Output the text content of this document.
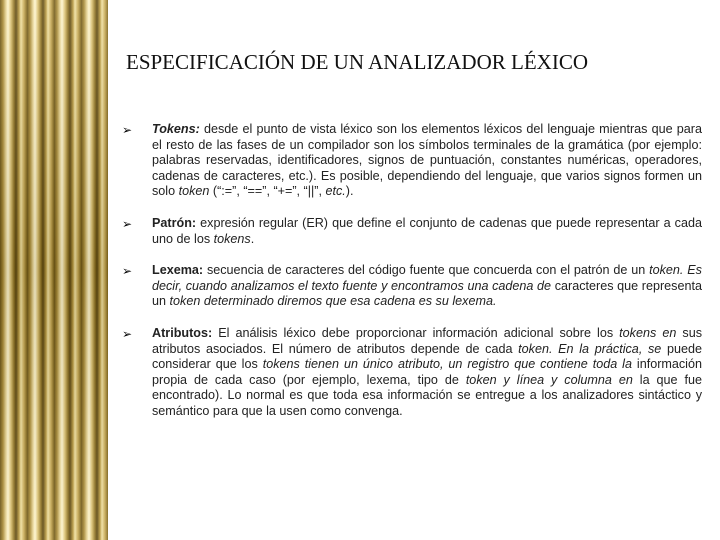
ESPECIFICACIÓN DE UN ANALIZADOR LÉXICO
➢ Tokens: desde el punto de vista léxico son los elementos léxicos del lenguaje mientras que para el resto de las fases de un compilador son los símbolos terminales de la gramática (por ejemplo: palabras reservadas, identificadores, signos de puntuación, constantes numéricas, operadores, cadenas de caracteres, etc.). Es posible, dependiendo del lenguaje, que varios signos formen un solo token (“:=”, “==”, “+=”, “||”, etc.).

➢ Patrón: expresión regular (ER) que define el conjunto de cadenas que puede representar a cada uno de los tokens.

➢ Lexema: secuencia de caracteres del código fuente que concuerda con el patrón de un token. Es decir, cuando analizamos el texto fuente y encontramos una cadena de caracteres que representa un token determinado diremos que esa cadena es su lexema.

➢ Atributos: El análisis léxico debe proporcionar información adicional sobre los tokens en sus atributos asociados. El número de atributos depende de cada token. En la práctica, se puede considerar que los tokens tienen un único atributo, un registro que contiene toda la información propia de cada caso (por ejemplo, lexema, tipo de token y línea y columna en la que fue encontrado). Lo normal es que toda esa información se entregue a los analizadores sintáctico y semántico para que la usen como convenga.
